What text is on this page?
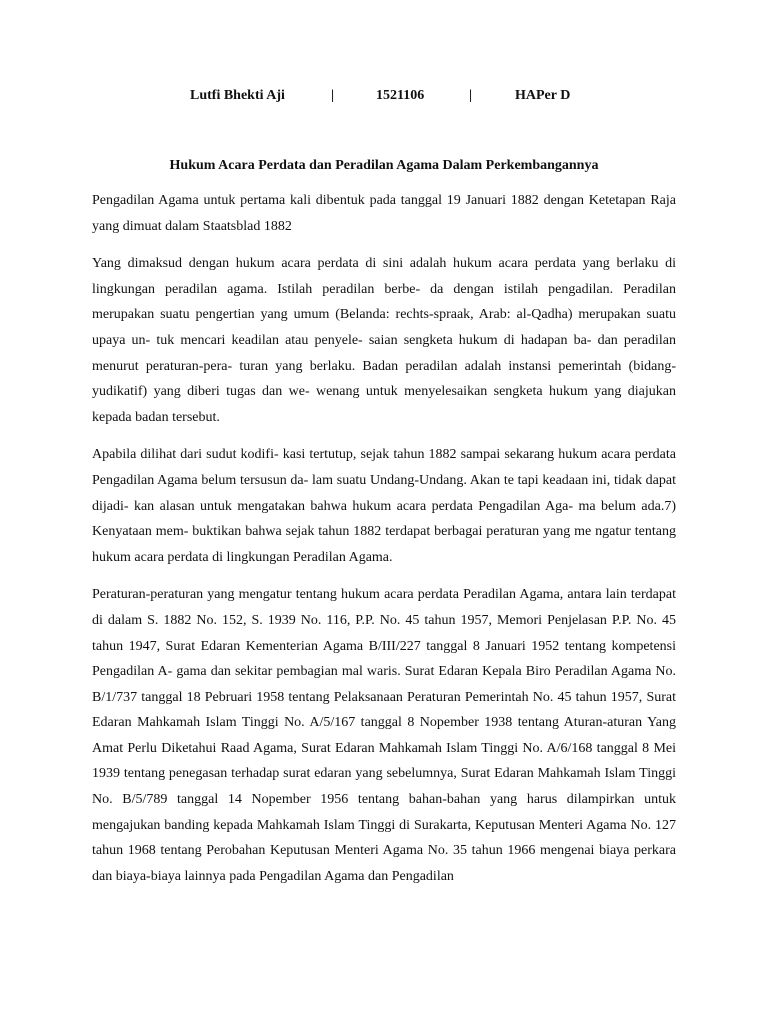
Lutfi Bhekti Aji	|	1521106	|	HAPer D
Hukum Acara Perdata dan Peradilan Agama Dalam Perkembangannya

Pengadilan Agama untuk pertama kali dibentuk pada tanggal 19 Januari 1882 dengan Ketetapan Raja yang dimuat dalam Staatsblad 1882

Yang dimaksud dengan hukum acara perdata di sini adalah hukum acara perdata yang berlaku di lingkungan peradilan agama. Istilah peradilan berbe- da dengan istilah pengadilan. Peradilan merupakan suatu pengertian yang umum (Belanda: rechts-spraak, Arab: al-Qadha) merupakan suatu upaya un- tuk mencari keadilan atau penyele- saian sengketa hukum di hadapan ba- dan peradilan menurut peraturan-pera- turan yang berlaku. Badan peradilan adalah instansi pemerintah (bidang- yudikatif) yang diberi tugas dan we- wenang untuk menyelesaikan sengketa hukum yang diajukan kepada badan tersebut.

Apabila dilihat dari sudut kodifi- kasi tertutup, sejak tahun 1882 sampai sekarang hukum acara perdata Pengadilan Agama belum tersusun da- lam suatu Undang-Undang. Akan te tapi keadaan ini, tidak dapat dijadi- kan alasan untuk mengatakan bahwa hukum acara perdata Pengadilan Aga- ma belum ada.7) Kenyataan mem- buktikan bahwa sejak tahun 1882 terdapat berbagai peraturan yang me ngatur tentang hukum acara perdata di lingkungan Peradilan Agama.

Peraturan-peraturan yang mengatur tentang hukum acara perdata Peradilan Agama, antara lain terdapat di dalam S. 1882 No. 152, S. 1939 No. 116, P.P. No. 45 tahun 1957, Memori Penjelasan P.P. No. 45 tahun 1947, Surat Edaran Kementerian Agama B/III/227 tanggal 8 Januari 1952 tentang kompetensi Pengadilan A- gama dan sekitar pembagian mal waris. Surat Edaran Kepala Biro Peradilan Agama No. B/1/737 tanggal 18 Pebruari 1958 tentang Pelaksanaan Peraturan Pemerintah No. 45 tahun 1957, Surat Edaran Mahkamah Islam Tinggi No. A/5/167 tanggal 8 Nopember 1938 tentang Aturan-aturan Yang Amat Perlu Diketahui Raad Agama, Surat Edaran Mahkamah Islam Tinggi No. A/6/168 tanggal 8 Mei 1939 tentang penegasan terhadap surat edaran yang sebelumnya, Surat Edaran Mahkamah Islam Tinggi No. B/5/789 tanggal 14 Nopember 1956 tentang bahan-bahan yang harus dilampirkan untuk mengajukan banding kepada Mahkamah Islam Tinggi di Surakarta, Keputusan Menteri Agama No. 127 tahun 1968 tentang Perobahan Keputusan Menteri Agama No. 35 tahun 1966 mengenai biaya perkara dan biaya-biaya lainnya pada Pengadilan Agama dan Pengadilan
